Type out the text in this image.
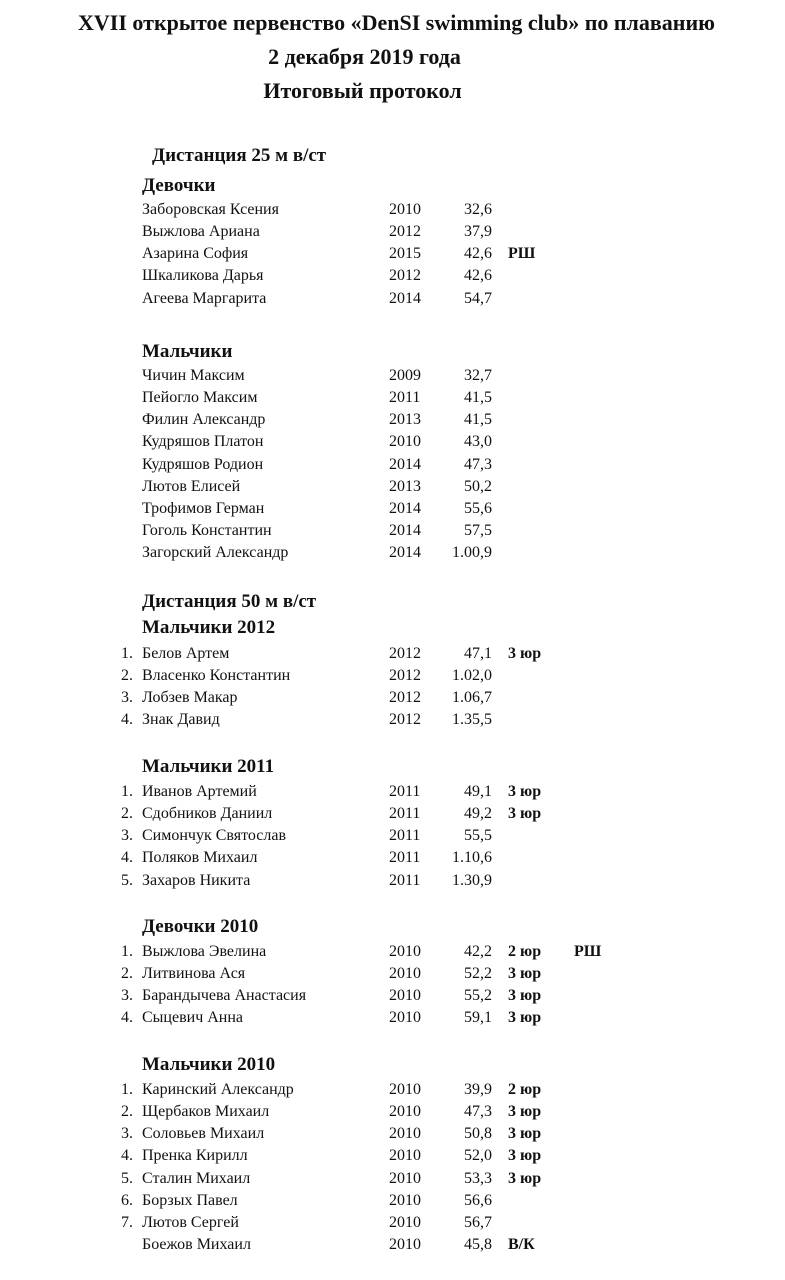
XVII открытое первенство «DenSI swimming club» по плаванию
2 декабря 2019 года
Итоговый протокол
Дистанция 25 м в/ст
Девочки
Заборовская Ксения	2010	32,6
Выжлова Ариана	2012	37,9
Азарина София	2015	42,6 РШ
Шкаликова Дарья	2012	42,6
Агеева Маргарита	2014	54,7
Мальчики
Чичин Максим	2009	32,7
Пейогло Максим	2011	41,5
Филин Александр	2013	41,5
Кудряшов Платон	2010	43,0
Кудряшов Родион	2014	47,3
Лютов Елисей	2013	50,2
Трофимов Герман	2014	55,6
Гоголь Константин	2014	57,5
Загорский Александр	2014	1.00,9
Дистанция 50 м в/ст
Мальчики 2012
1. Белов Артем	2012	47,1 3 юр
2. Власенко Константин	2012	1.02,0
3. Лобзев Макар	2012	1.06,7
4. Знак Давид	2012	1.35,5
Мальчики 2011
1. Иванов Артемий	2011	49,1 3 юр
2. Сдобников Даниил	2011	49,2 3 юр
3. Симончук Святослав	2011	55,5
4. Поляков Михаил	2011	1.10,6
5. Захаров Никита	2011	1.30,9
Девочки 2010
1. Выжлова Эвелина	2010	42,2 2 юр РШ
2. Литвинова Ася	2010	52,2 3 юр
3. Барандычева Анастасия	2010	55,2 3 юр
4. Сыцевич Анна	2010	59,1 3 юр
Мальчики 2010
1. Каринский Александр	2010	39,9 2 юр
2. Щербаков Михаил	2010	47,3 3 юр
3. Соловьев Михаил	2010	50,8 3 юр
4. Пренка Кирилл	2010	52,0 3 юр
5. Сталин Михаил	2010	53,3 3 юр
6. Борзых Павел	2010	56,6
7. Лютов Сергей	2010	56,7
Боежов Михаил	2010	45,8 В/К
